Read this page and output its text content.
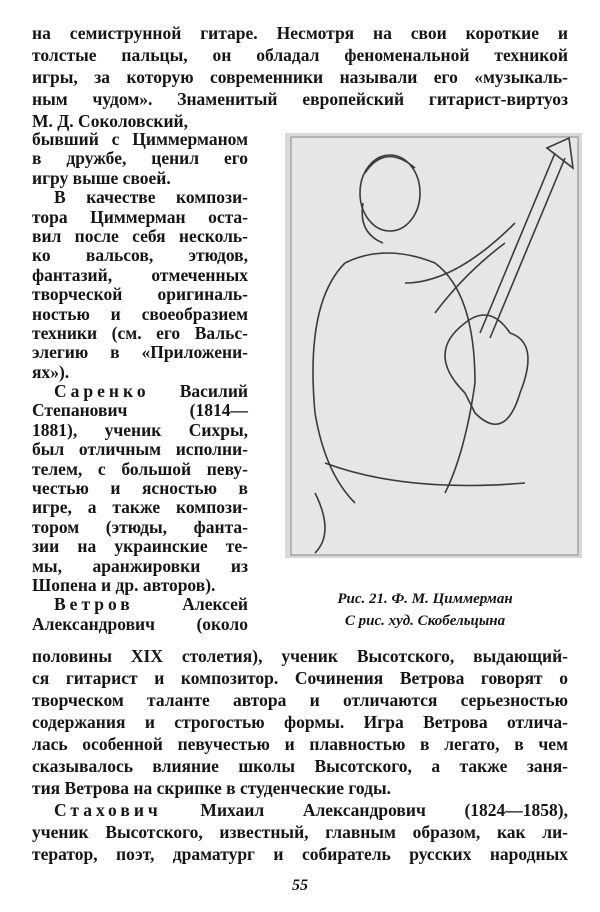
на семиструнной гитаре. Несмотря на свои короткие и
толстые пальцы, он обладал феноменальной техникой
игры, за которую современники называли его «музыкаль-
ным чудом». Знаменитый европейский гитарист-виртуоз
М. Д. Соколовский,
бывший с Циммерманом
в дружбе, ценил его
игру выше своей.
В качестве компози-
тора Циммерман оста-
вил после себя несколь-
ко вальсов, этюдов,
фантазий, отмеченных
творческой оригиналь-
ностью и своеобразием
техники (см. его Вальс-
элегию в «Приложени-
ях»).
Саренко Василий
Степанович (1814—
1881), ученик Сихры,
был отличным исполни-
телем, с большой певу-
честью и ясностью в
игре, а также компози-
тором (этюды, фанта-
зии на украинские те-
мы, аранжировки из
Шопена и др. авторов).
Ветров	Алексей
Александрович (около
Рис. 21. Ф. М. Циммерман
С рис. худ. Скобельцына
половины XIX столетия), ученик Высотского, выдающий-
ся гитарист и композитор. Сочинения Ветрова говорят о
творческом таланте автора и отличаются серьезностью
содержания и строгостью формы. Игра Ветрова отлича-
лась особенной певучестью и плавностью в легато, в чем
сказывалось влияние школы Высотского, а также заня-
тия Ветрова на скрипке в студенческие годы.
Стахович Михаил Александрович (1824—1858),
ученик Высотского, известный, главным образом, как ли-
тератор, поэт, драматург и собиратель русских народных
55
